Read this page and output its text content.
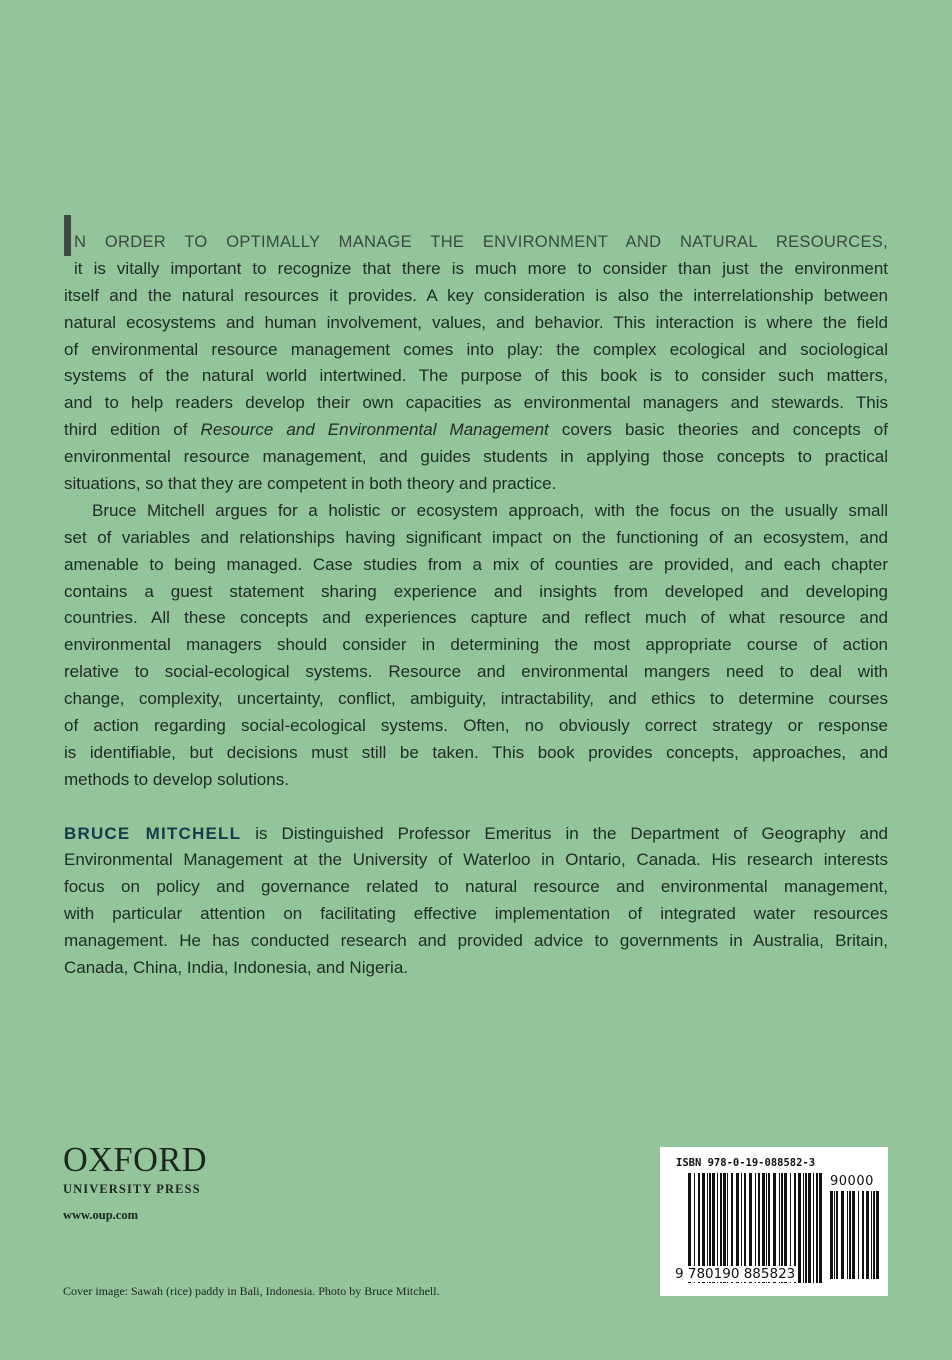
N ORDER TO OPTIMALLY MANAGE THE ENVIRONMENT AND NATURAL RESOURCES,
it is vitally important to recognize that there is much more to consider than just the environment
itself and the natural resources it provides. A key consideration is also the interrelationship between
natural ecosystems and human involvement, values, and behavior. This interaction is where the field
of environmental resource management comes into play: the complex ecological and sociological
systems of the natural world intertwined. The purpose of this book is to consider such matters,
and to help readers develop their own capacities as environmental managers and stewards. This
third edition of Resource and Environmental Management covers basic theories and concepts of
environmental resource management, and guides students in applying those concepts to practical
situations, so that they are competent in both theory and practice.
Bruce Mitchell argues for a holistic or ecosystem approach, with the focus on the usually small
set of variables and relationships having significant impact on the functioning of an ecosystem, and
amenable to being managed. Case studies from a mix of counties are provided, and each chapter
contains a guest statement sharing experience and insights from developed and developing
countries. All these concepts and experiences capture and reflect much of what resource and
environmental managers should consider in determining the most appropriate course of action
relative to social-ecological systems. Resource and environmental mangers need to deal with
change, complexity, uncertainty, conflict, ambiguity, intractability, and ethics to determine courses
of action regarding social-ecological systems. Often, no obviously correct strategy or response
is identifiable, but decisions must still be taken. This book provides concepts, approaches, and
methods to develop solutions.
BRUCE MITCHELL is Distinguished Professor Emeritus in the Department of Geography and
Environmental Management at the University of Waterloo in Ontario, Canada. His research interests
focus on policy and governance related to natural resource and environmental management,
with particular attention on facilitating effective implementation of integrated water resources
management. He has conducted research and provided advice to governments in Australia, Britain,
Canada, China, India, Indonesia, and Nigeria.
OXFORD
UNIVERSITY PRESS
www.oup.com
Cover image: Sawah (rice) paddy in Bali, Indonesia. Photo by Bruce Mitchell.
ISBN 978-0-19-088582-3
90000
9 780190 885823
